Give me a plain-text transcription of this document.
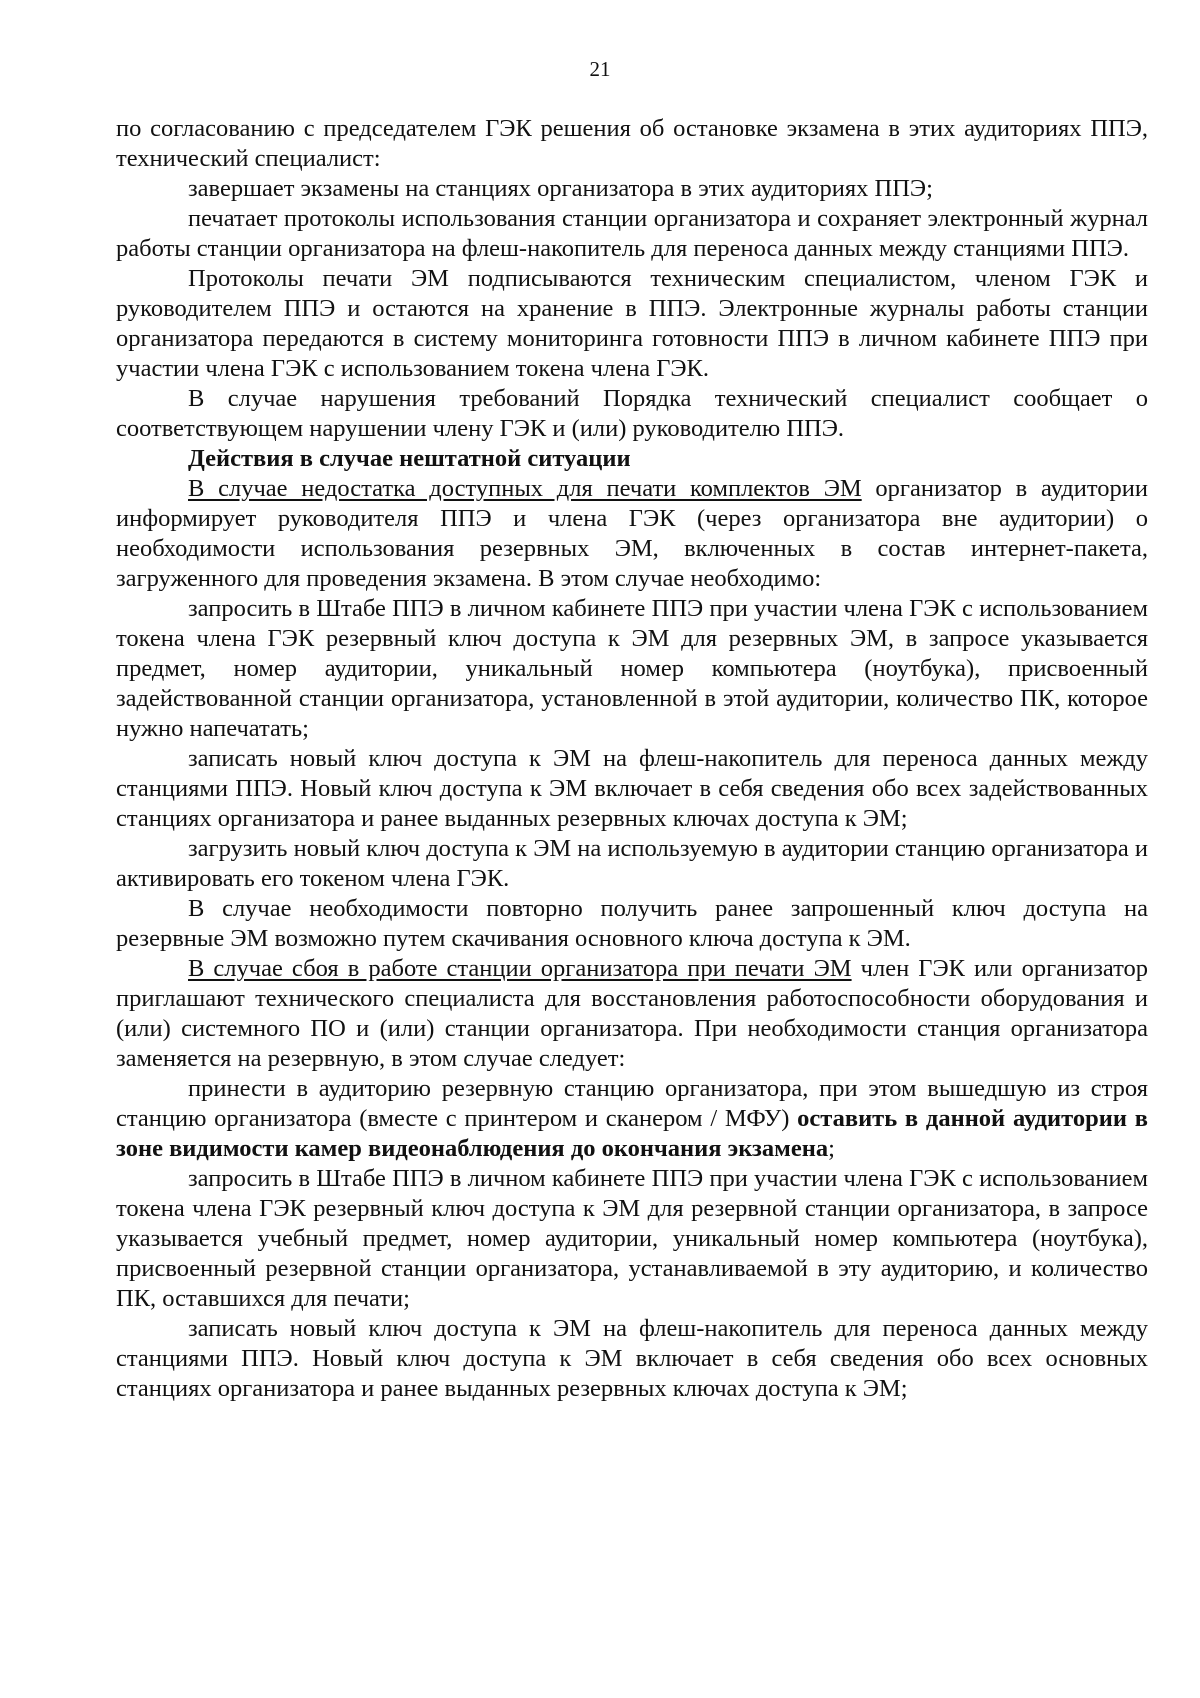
21

по согласованию с председателем ГЭК решения об остановке экзамена в этих аудиториях ППЭ, технический специалист:

завершает экзамены на станциях организатора в этих аудиториях ППЭ;

печатает протоколы использования станции организатора и сохраняет электронный журнал работы станции организатора на флеш-накопитель для переноса данных между станциями ППЭ.

Протоколы печати ЭМ подписываются техническим специалистом, членом ГЭК и руководителем ППЭ и остаются на хранение в ППЭ. Электронные журналы работы станции организатора передаются в систему мониторинга готовности ППЭ в личном кабинете ППЭ при участии члена ГЭК с использованием токена члена ГЭК.

В случае нарушения требований Порядка технический специалист сообщает о соответствующем нарушении члену ГЭК и (или) руководителю ППЭ.

Действия в случае нештатной ситуации

В случае недостатка доступных для печати комплектов ЭМ организатор в аудитории информирует руководителя ППЭ и члена ГЭК (через организатора вне аудитории) о необходимости использования резервных ЭМ, включенных в состав интернет-пакета, загруженного для проведения экзамена. В этом случае необходимо:

запросить в Штабе ППЭ в личном кабинете ППЭ при участии члена ГЭК с использованием токена члена ГЭК резервный ключ доступа к ЭМ для резервных ЭМ, в запросе указывается предмет, номер аудитории, уникальный номер компьютера (ноутбука), присвоенный задействованной станции организатора, установленной в этой аудитории, количество ПК, которое нужно напечатать;

записать новый ключ доступа к ЭМ на флеш-накопитель для переноса данных между станциями ППЭ. Новый ключ доступа к ЭМ включает в себя сведения обо всех задействованных станциях организатора и ранее выданных резервных ключах доступа к ЭМ;

загрузить новый ключ доступа к ЭМ на используемую в аудитории станцию организатора и активировать его токеном члена ГЭК.

В случае необходимости повторно получить ранее запрошенный ключ доступа на резервные ЭМ возможно путем скачивания основного ключа доступа к ЭМ.

В случае сбоя в работе станции организатора при печати ЭМ член ГЭК или организатор приглашают технического специалиста для восстановления работоспособности оборудования и (или) системного ПО и (или) станции организатора. При необходимости станция организатора заменяется на резервную, в этом случае следует:

принести в аудиторию резервную станцию организатора, при этом вышедшую из строя станцию организатора (вместе с принтером и сканером / МФУ) оставить в данной аудитории в зоне видимости камер видеонаблюдения до окончания экзамена;

запросить в Штабе ППЭ в личном кабинете ППЭ при участии члена ГЭК с использованием токена члена ГЭК резервный ключ доступа к ЭМ для резервной станции организатора, в запросе указывается учебный предмет, номер аудитории, уникальный номер компьютера (ноутбука), присвоенный резервной станции организатора, устанавливаемой в эту аудиторию, и количество ПК, оставшихся для печати;

записать новый ключ доступа к ЭМ на флеш-накопитель для переноса данных между станциями ППЭ. Новый ключ доступа к ЭМ включает в себя сведения обо всех основных станциях организатора и ранее выданных резервных ключах доступа к ЭМ;
